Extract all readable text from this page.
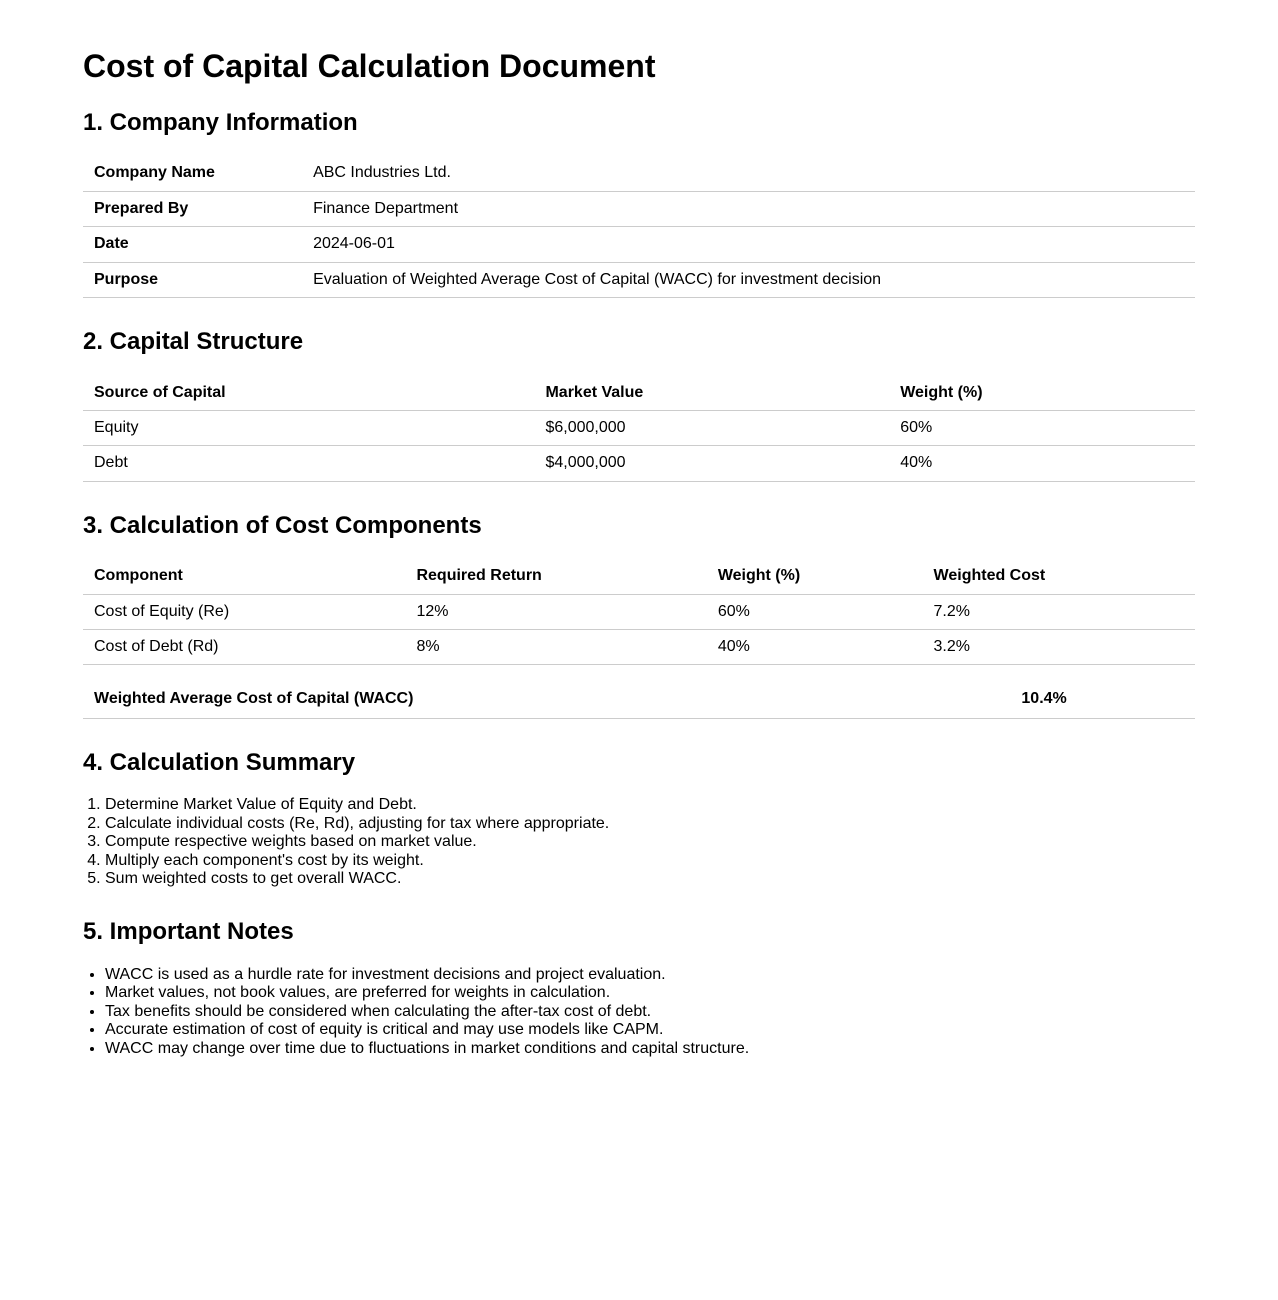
Cost of Capital Calculation Document
1. Company Information
Company Name	ABC Industries Ltd.
Prepared By	Finance Department
Date	2024-06-01
Purpose	Evaluation of Weighted Average Cost of Capital (WACC) for investment decision
2. Capital Structure
Source of Capital	Market Value	Weight (%)
Equity	$6,000,000	60%
Debt	$4,000,000	40%
3. Calculation of Cost Components
Component	Required Return	Weight (%)	Weighted Cost
Cost of Equity (Re)	12%	60%	7.2%
Cost of Debt (Rd)	8%	40%	3.2%
Weighted Average Cost of Capital (WACC)	10.4%
4. Calculation Summary
1. Determine Market Value of Equity and Debt.
2. Calculate individual costs (Re, Rd), adjusting for tax where appropriate.
3. Compute respective weights based on market value.
4. Multiply each component's cost by its weight.
5. Sum weighted costs to get overall WACC.
5. Important Notes
• WACC is used as a hurdle rate for investment decisions and project evaluation.
• Market values, not book values, are preferred for weights in calculation.
• Tax benefits should be considered when calculating the after-tax cost of debt.
• Accurate estimation of cost of equity is critical and may use models like CAPM.
• WACC may change over time due to fluctuations in market conditions and capital structure.
